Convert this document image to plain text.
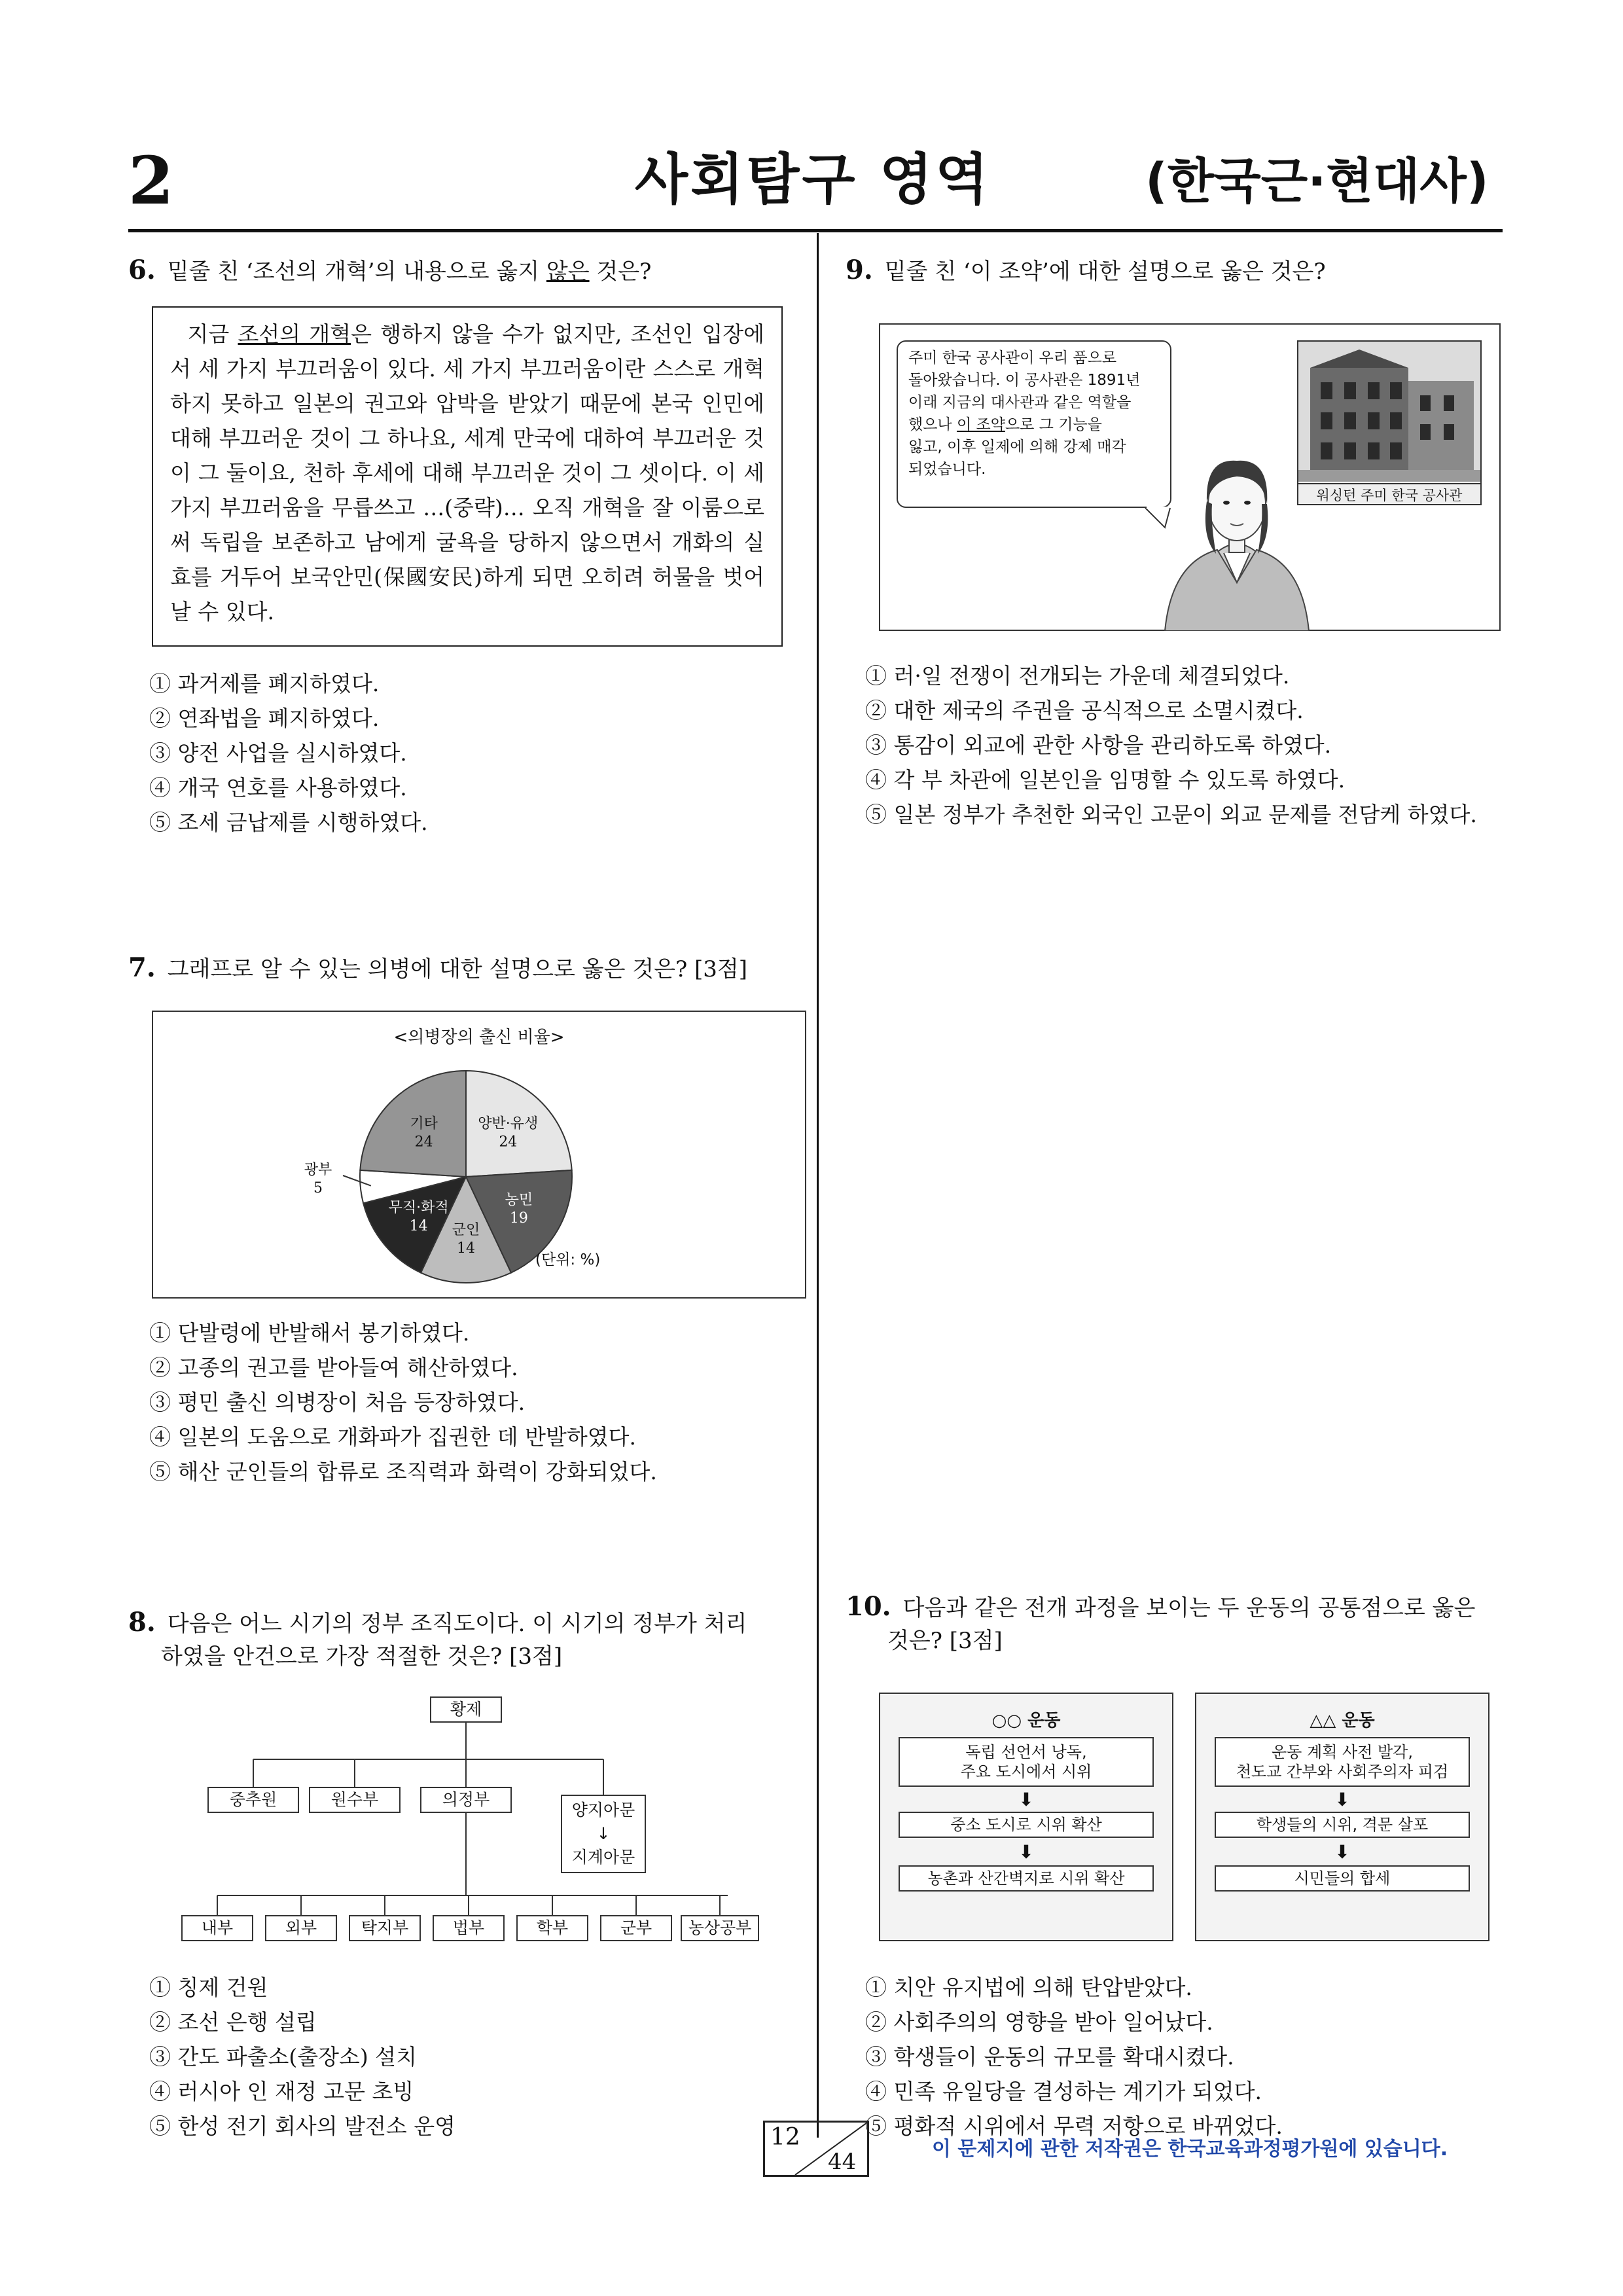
2	사회탐구 영역	(한국근·현대사)
6. 밑줄 친 ‘조선의 개혁’의 내용으로 옳지 않은 것은?
지금 조선의 개혁은 행하지 않을 수가 없지만, 조선인 입장에서 세 가지 부끄러움이 있다. 세 가지 부끄러움이란 스스로 개혁하지 못하고 일본의 권고와 압박을 받았기 때문에 본국 인민에 대해 부끄러운 것이 그 하나요, 세계 만국에 대하여 부끄러운 것이 그 둘이요, 천하 후세에 대해 부끄러운 것이 그 셋이다. 이 세 가지 부끄러움을 무릅쓰고 …(중략)… 오직 개혁을 잘 이룸으로써 독립을 보존하고 남에게 굴욕을 당하지 않으면서 개화의 실효를 거두어 보국안민(保國安民)하게 되면 오히려 허물을 벗어날 수 있다.
① 과거제를 폐지하였다.
② 연좌법을 폐지하였다.
③ 양전 사업을 실시하였다.
④ 개국 연호를 사용하였다.
⑤ 조세 금납제를 시행하였다.
7. 그래프로 알 수 있는 의병에 대한 설명으로 옳은 것은? [3점]
<의병장의 출신 비율>
양반·유생
24
농민
19
군인
14
무직·화적
14
광부
5
기타
24
(단위: %)
① 단발령에 반발해서 봉기하였다.
② 고종의 권고를 받아들여 해산하였다.
③ 평민 출신 의병장이 처음 등장하였다.
④ 일본의 도움으로 개화파가 집권한 데 반발하였다.
⑤ 해산 군인들의 합류로 조직력과 화력이 강화되었다.
8. 다음은 어느 시기의 정부 조직도이다. 이 시기의 정부가 처리
하였을 안건으로 가장 적절한 것은? [3점]
황제
중추원	원수부	의정부
양지아문
↓
지계아문
내부	외부	탁지부	법부	학부	군부	농상공부
① 칭제 건원
② 조선 은행 설립
③ 간도 파출소(출장소) 설치
④ 러시아 인 재정 고문 초빙
⑤ 한성 전기 회사의 발전소 운영
9. 밑줄 친 ‘이 조약’에 대한 설명으로 옳은 것은?
주미 한국 공사관이 우리 품으로
돌아왔습니다. 이 공사관은 1891년
이래 지금의 대사관과 같은 역할을
했으나 이 조약으로 그 기능을
잃고, 이후 일제에 의해 강제 매각
되었습니다.
워싱턴 주미 한국 공사관
① 러·일 전쟁이 전개되는 가운데 체결되었다.
② 대한 제국의 주권을 공식적으로 소멸시켰다.
③ 통감이 외교에 관한 사항을 관리하도록 하였다.
④ 각 부 차관에 일본인을 임명할 수 있도록 하였다.
⑤ 일본 정부가 추천한 외국인 고문이 외교 문제를 전담케 하였다.
10. 다음과 같은 전개 과정을 보이는 두 운동의 공통점으로 옳은
것은? [3점]
○○ 운동
독립 선언서 낭독,
주요 도시에서 시위
⬇
중소 도시로 시위 확산
⬇
농촌과 산간벽지로 시위 확산
△△ 운동
운동 계획 사전 발각,
천도교 간부와 사회주의자 피검
⬇
학생들의 시위, 격문 살포
⬇
시민들의 합세
① 치안 유지법에 의해 탄압받았다.
② 사회주의의 영향을 받아 일어났다.
③ 학생들이 운동의 규모를 확대시켰다.
④ 민족 유일당을 결성하는 계기가 되었다.
⑤ 평화적 시위에서 무력 저항으로 바뀌었다.
12
44	이 문제지에 관한 저작권은 한국교육과정평가원에 있습니다.
